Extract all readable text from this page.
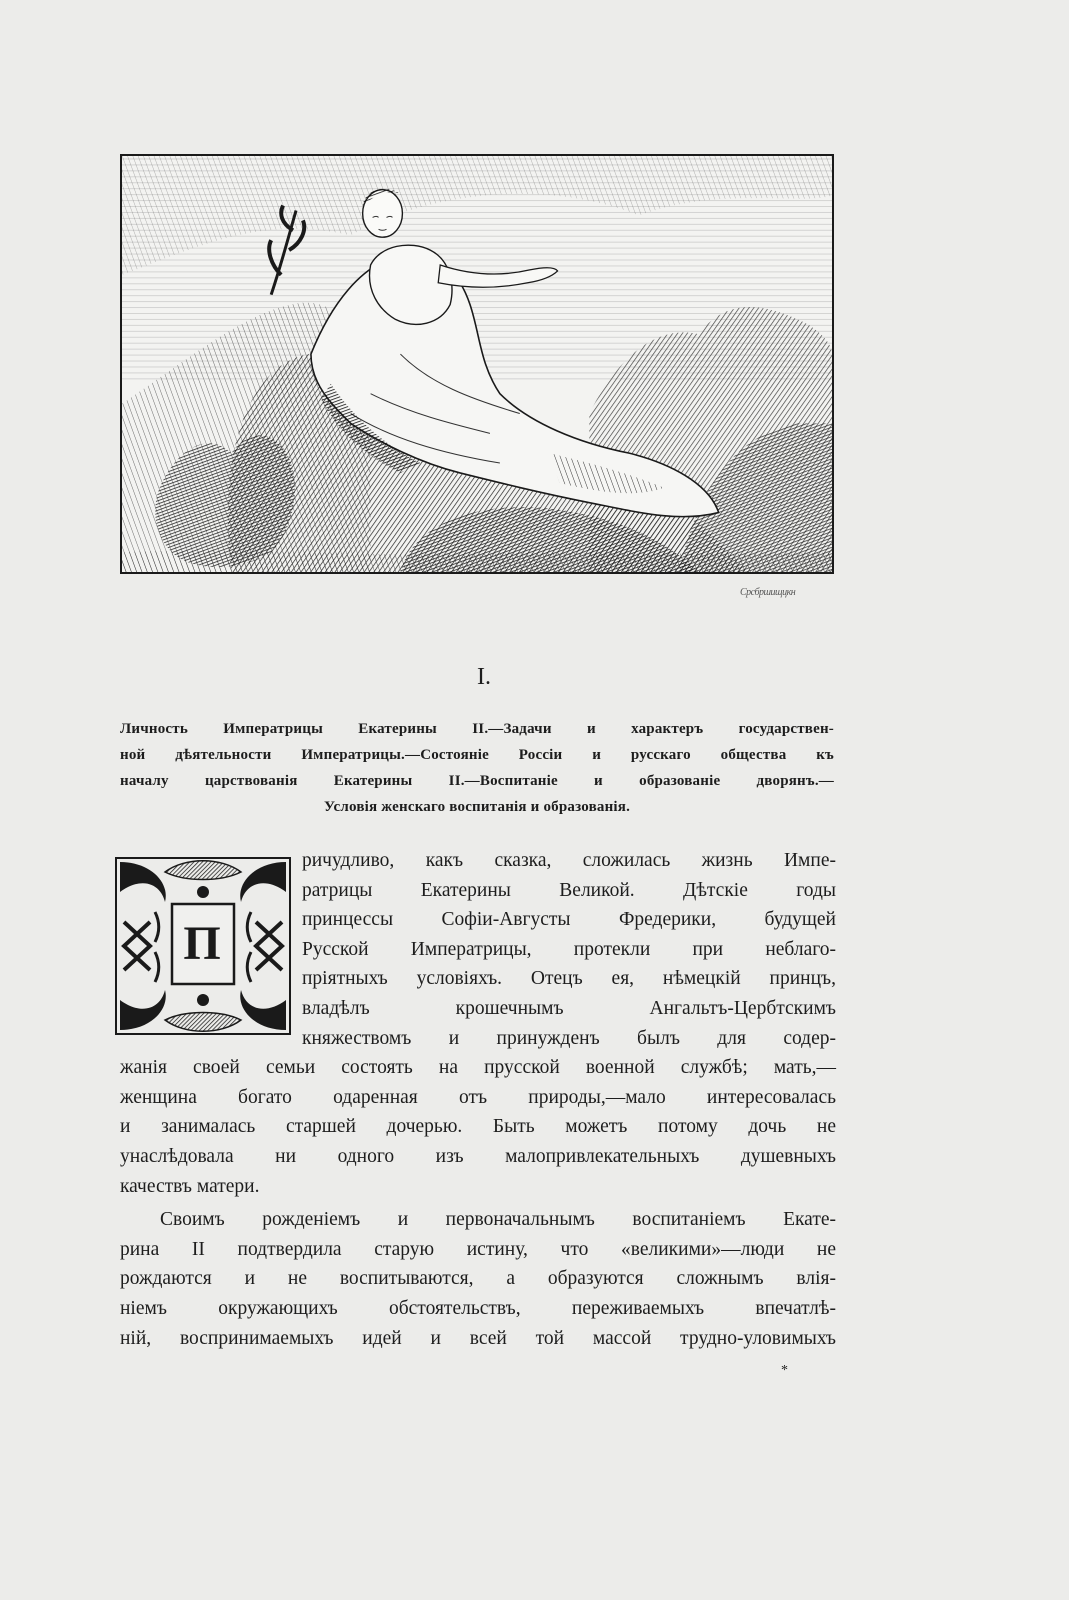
Срсбршищцкн
I.
Личность Императрицы Екатерины II.—Задачи и характеръ государствен-
ной дѣятельности Императрицы.—Состояніе Россіи и русскаго общества къ
началу царствованія Екатерины II.—Воспитаніе и образованіе дворянъ.—
Условія женскаго воспитанія и образованія.
П
ричудливо, какъ сказка, сложилась жизнь Импе-
ратрицы Екатерины Великой. Дѣтскіе годы
принцессы Софіи-Августы Фредерики, будущей
Русской Императрицы, протекли при неблаго-
пріятныхъ условіяхъ. Отецъ ея, нѣмецкій принцъ,
владѣлъ крошечнымъ Ангальтъ-Цербтскимъ
княжествомъ и принужденъ былъ для содер-
жанія своей семьи состоять на прусской военной службѣ; мать,—
женщина богато одаренная отъ природы,—мало интересовалась
и занималась старшей дочерью. Быть можетъ потому дочь не
унаслѣдовала ни одного изъ малопривлекательныхъ душевныхъ
качествъ матери.
Своимъ рожденіемъ и первоначальнымъ воспитаніемъ Екате-
рина II подтвердила старую истину, что «великими»—люди не
рождаются и не воспитываются, а образуются сложнымъ влія-
ніемъ окружающихъ обстоятельствъ, переживаемыхъ впечатлѣ-
ній, воспринимаемыхъ идей и всей той массой трудно-уловимыхъ
*
